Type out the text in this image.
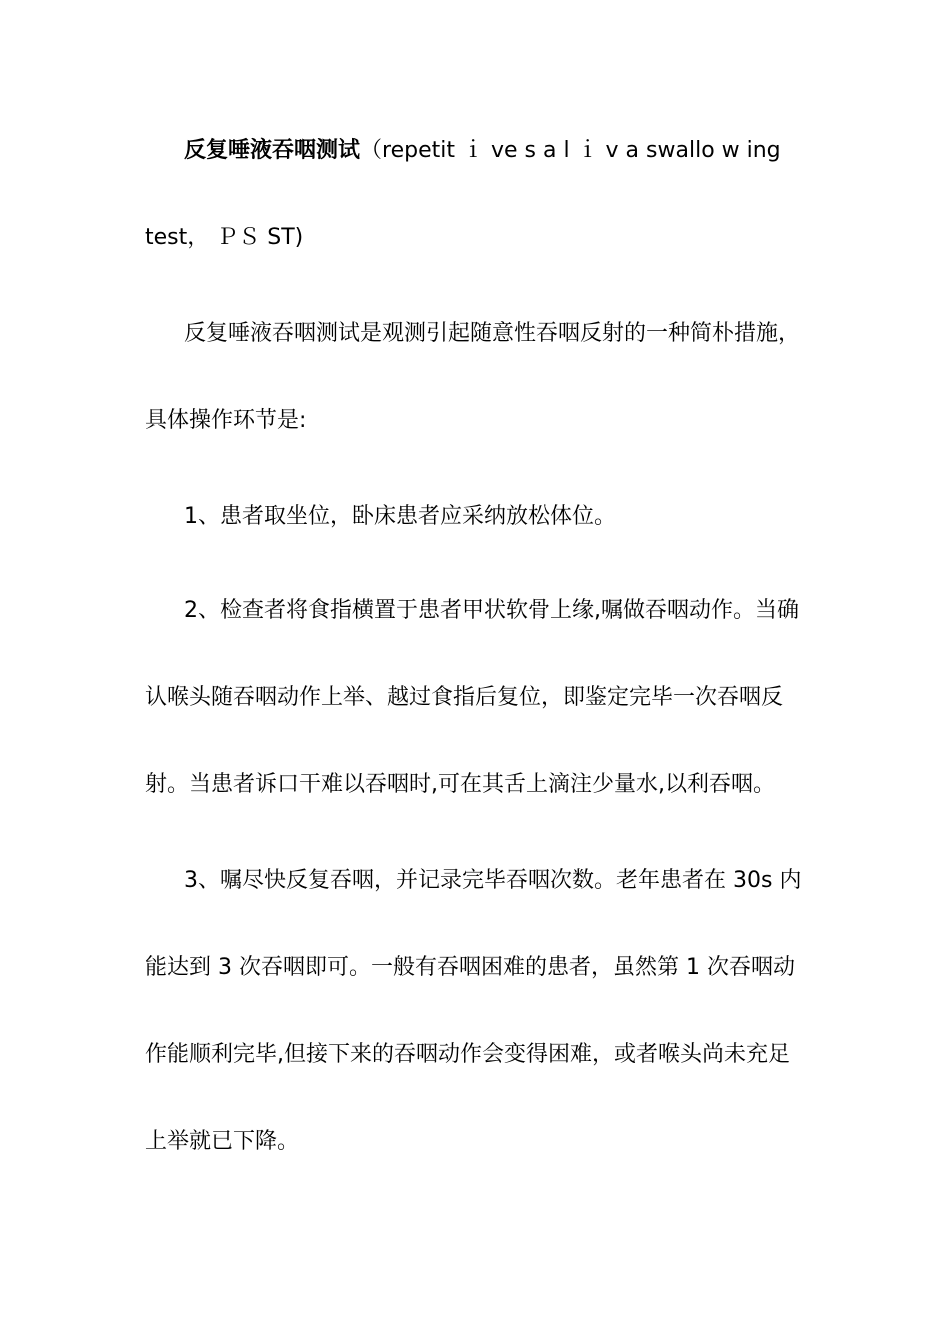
反复唾液吞咽测试（repetit ｉ ve s a l ｉ v a swallo w ing
test， ＰＳ ST)
反复唾液吞咽测试是观测引起随意性吞咽反射的一种简朴措施，
具体操作环节是:
1、患者取坐位，卧床患者应采纳放松体位。
2、检查者将食指横置于患者甲状软骨上缘,嘱做吞咽动作。当确
认喉头随吞咽动作上举、越过食指后复位，即鉴定完毕一次吞咽反
射。当患者诉口干难以吞咽时,可在其舌上滴注少量水,以利吞咽。
3、嘱尽快反复吞咽，并记录完毕吞咽次数。老年患者在 30s 内
能达到 3 次吞咽即可。一般有吞咽困难的患者，虽然第 1 次吞咽动
作能顺利完毕,但接下来的吞咽动作会变得困难，或者喉头尚未充足
上举就已下降。
